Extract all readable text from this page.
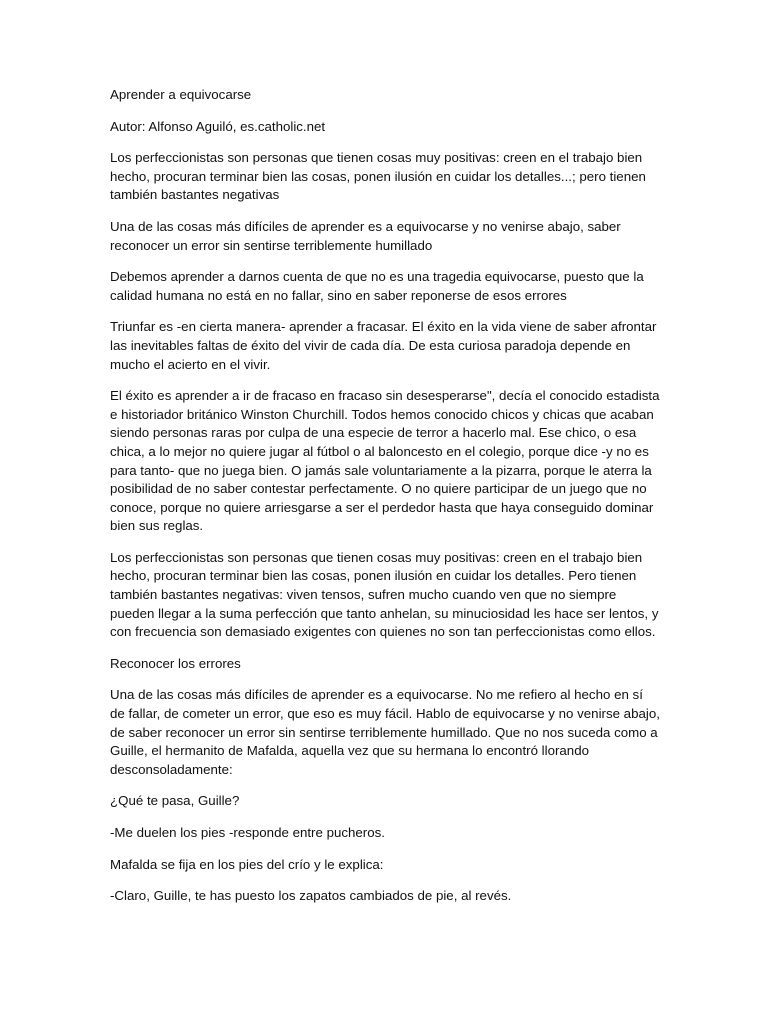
Aprender a equivocarse

Autor: Alfonso Aguiló, es.catholic.net

Los perfeccionistas son personas que tienen cosas muy positivas: creen en el trabajo bien hecho, procuran terminar bien las cosas, ponen ilusión en cuidar los detalles...; pero tienen también bastantes negativas

Una de las cosas más difíciles de aprender es a equivocarse y no venirse abajo, saber reconocer un error sin sentirse terriblemente humillado

Debemos aprender a darnos cuenta de que no es una tragedia equivocarse, puesto que la calidad humana no está en no fallar, sino en saber reponerse de esos errores

Triunfar es -en cierta manera- aprender a fracasar. El éxito en la vida viene de saber afrontar las inevitables faltas de éxito del vivir de cada día. De esta curiosa paradoja depende en mucho el acierto en el vivir.

El éxito es aprender a ir de fracaso en fracaso sin desesperarse", decía el conocido estadista e historiador británico Winston Churchill. Todos hemos conocido chicos y chicas que acaban siendo personas raras por culpa de una especie de terror a hacerlo mal. Ese chico, o esa chica, a lo mejor no quiere jugar al fútbol o al baloncesto en el colegio, porque dice -y no es para tanto- que no juega bien. O jamás sale voluntariamente a la pizarra, porque le aterra la posibilidad de no saber contestar perfectamente. O no quiere participar de un juego que no conoce, porque no quiere arriesgarse a ser el perdedor hasta que haya conseguido dominar bien sus reglas.

Los perfeccionistas son personas que tienen cosas muy positivas: creen en el trabajo bien hecho, procuran terminar bien las cosas, ponen ilusión en cuidar los detalles. Pero tienen también bastantes negativas: viven tensos, sufren mucho cuando ven que no siempre pueden llegar a la suma perfección que tanto anhelan, su minuciosidad les hace ser lentos, y con frecuencia son demasiado exigentes con quienes no son tan perfeccionistas como ellos.

Reconocer los errores

Una de las cosas más difíciles de aprender es a equivocarse. No me refiero al hecho en sí de fallar, de cometer un error, que eso es muy fácil. Hablo de equivocarse y no venirse abajo, de saber reconocer un error sin sentirse terriblemente humillado. Que no nos suceda como a Guille, el hermanito de Mafalda, aquella vez que su hermana lo encontró llorando desconsoladamente:

¿Qué te pasa, Guille?

-Me duelen los pies -responde entre pucheros.

Mafalda se fija en los pies del crío y le explica:

-Claro, Guille, te has puesto los zapatos cambiados de pie, al revés.
